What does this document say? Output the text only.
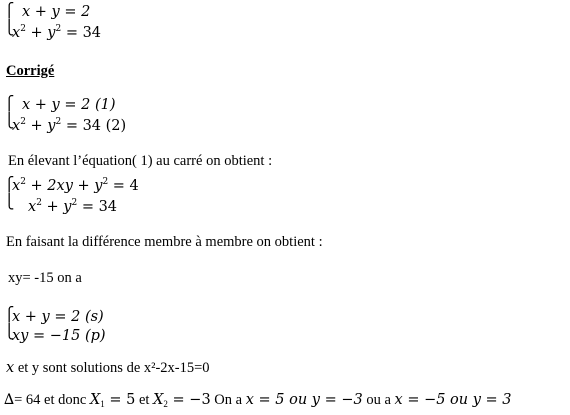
⎧
⎩
x + y = 2
$x^2 + y^2 = 34$
Corrigé
⎧
⎩
x + y = 2 (1)
$x^2 + y^2 = 34$ (2)
En élevant l’équation( 1) au carré on obtient :
⎧
⎩
$x^2 + 2xy + y^2 = 4$
$x^2 + y^2 = 34$
En faisant la différence membre à membre on obtient :
xy= -15 on a
⎧
⎩
x + y = 2 (s)
xy = −15 (p)
x et y sont solutions de x²-2x-15=0
∆= 64 et donc $X_1 = 5$ et $X_2 = -3$ On a x = 5 ou y = −3 ou a x = −5 ou y = 3
